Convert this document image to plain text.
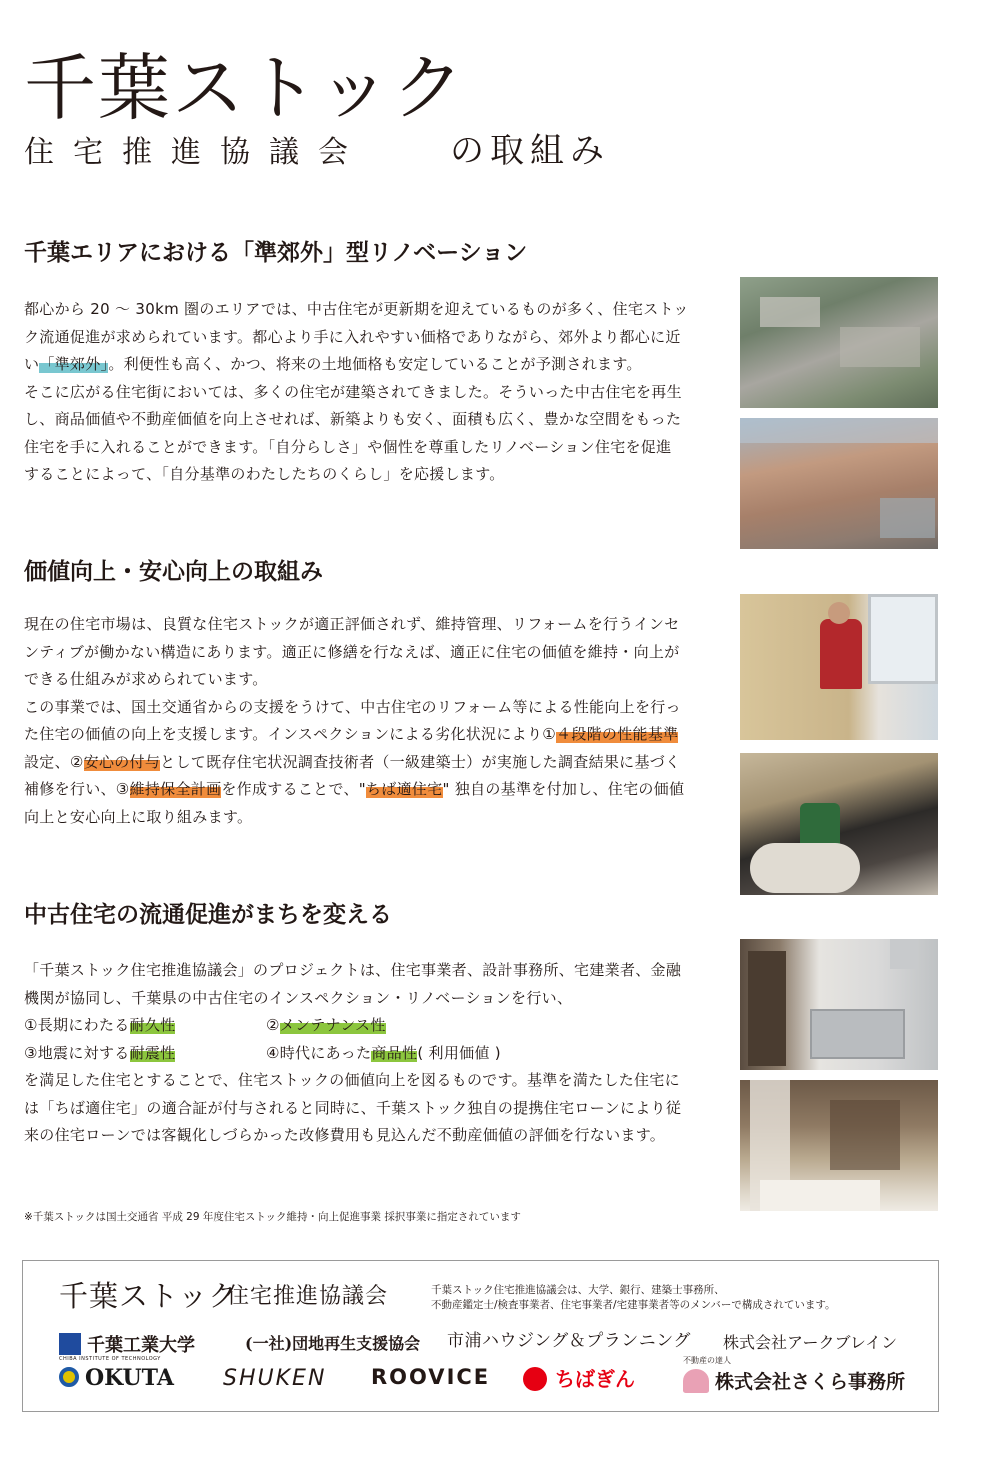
千葉ストック
住宅推進協議会 の取組み
千葉エリアにおける「準郊外」型リノベーション
都心から 20 ～ 30km 圏のエリアでは、中古住宅が更新期を迎えているものが多く、住宅ストッ
ク流通促進が求められています。都心より手に入れやすい価格でありながら、郊外より都心に近
い「準郊外」。利便性も高く、かつ、将来の土地価格も安定していることが予測されます。
そこに広がる住宅街においては、多くの住宅が建築されてきました。そういった中古住宅を再生
し、商品価値や不動産価値を向上させれば、新築よりも安く、面積も広く、豊かな空間をもった
住宅を手に入れることができます。「自分らしさ」や個性を尊重したリノベーション住宅を促進
することによって、「自分基準のわたしたちのくらし」を応援します。
価値向上・安心向上の取組み
現在の住宅市場は、良質な住宅ストックが適正評価されず、維持管理、リフォームを行うインセ
ンティブが働かない構造にあります。適正に修繕を行なえば、適正に住宅の価値を維持・向上が
できる仕組みが求められています。
この事業では、国土交通省からの支援をうけて、中古住宅のリフォーム等による性能向上を行っ
た住宅の価値の向上を支援します。インスペクションによる劣化状況により①４段階の性能基準
設定、②安心の付与として既存住宅状況調査技術者（一級建築士）が実施した調査結果に基づく
補修を行い、③維持保全計画を作成することで、"ちば適住宅" 独自の基準を付加し、住宅の価値
向上と安心向上に取り組みます。
中古住宅の流通促進がまちを変える
「千葉ストック住宅推進協議会」のプロジェクトは、住宅事業者、設計事務所、宅建業者、金融
機関が協同し、千葉県の中古住宅のインスペクション・リノベーションを行い、
①長期にわたる耐久性	②メンテナンス性
③地震に対する耐震性	④時代にあった商品性( 利用価値 )
を満足した住宅とすることで、住宅ストックの価値向上を図るものです。基準を満たした住宅に
は「ちば適住宅」の適合証が付与されると同時に、千葉ストック独自の提携住宅ローンにより従
来の住宅ローンでは客観化しづらかった改修費用も見込んだ不動産価値の評価を行ないます。
※千葉ストックは国土交通省 平成 29 年度住宅ストック維持・向上促進事業 採択事業に指定されています
千葉ストック
住宅推進協議会	千葉ストック住宅推進協議会は、大学、銀行、建築士事務所、
不動産鑑定士/検査事業者、住宅事業者/宅建事業者等のメンバーで構成されています。
千葉工業大学
CHIBA INSTITUTE OF TECHNOLOGY
(一社)団地再生支援協会 市浦ハウジング＆プランニング 株式会社アークブレイン
OKUTA SHUKEN ROOVICE	ちばぎん
不動産の達人
株式会社さくら事務所
